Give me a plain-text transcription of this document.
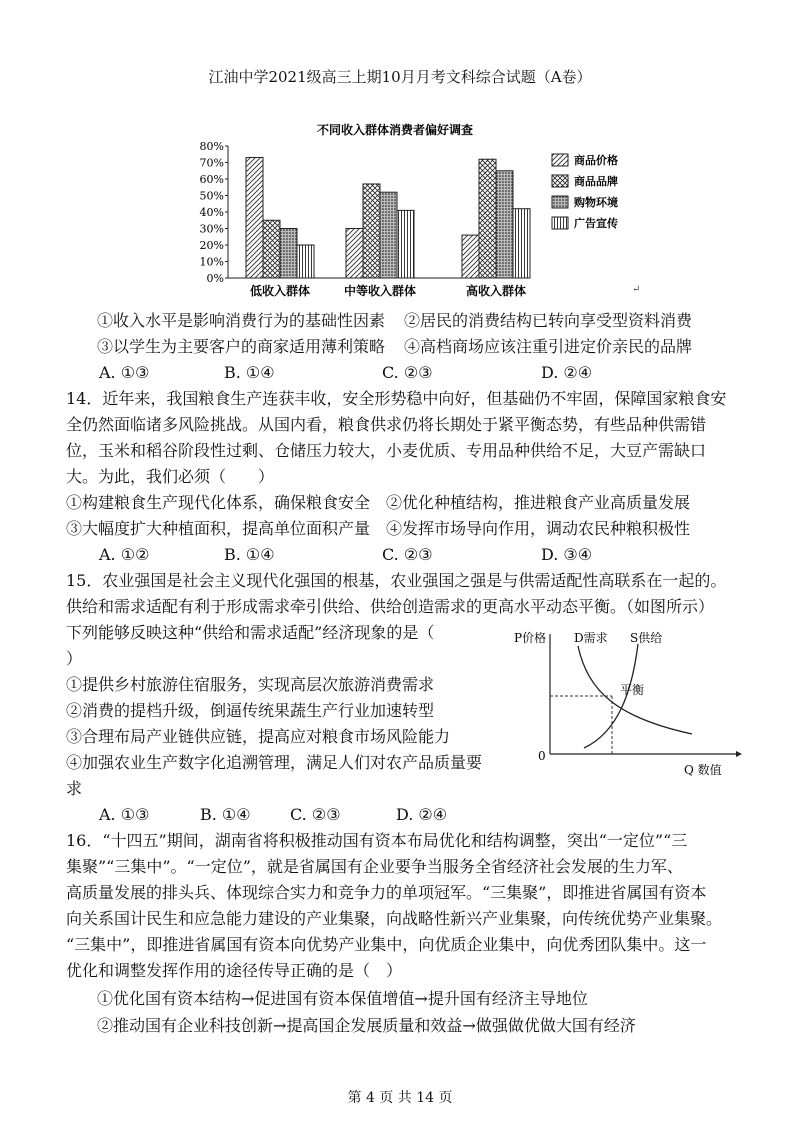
江油中学2021级高三上期10月月考文科综合试题（A卷）
不同收入群体消费者偏好调查
80%
70%
60%
50%
40%
30%
20%
10%
0%
低收入群体	中等收入群体	高收入群体
商品价格
商品品牌
购物环境
广告宣传
↵
①收入水平是影响消费行为的基础性因素 ②居民的消费结构已转向享受型资料消费
③以学生为主要客户的商家适用薄利策略 ④高档商场应该注重引进定价亲民的品牌
A. ①③	B. ①④	C. ②③	D. ②④
14．近年来，我国粮食生产连获丰收，安全形势稳中向好，但基础仍不牢固，保障国家粮食安
全仍然面临诸多风险挑战。从国内看，粮食供求仍将长期处于紧平衡态势，有些品种供需错
位，玉米和稻谷阶段性过剩、仓储压力较大，小麦优质、专用品种供给不足，大豆产需缺口
大。为此，我们必须（　　）
①构建粮食生产现代化体系，确保粮食安全 ②优化种植结构，推进粮食产业高质量发展
③大幅度扩大种植面积，提高单位面积产量 ④发挥市场导向作用，调动农民种粮积极性
A. ①②	B. ①④	C. ②③	D. ③④
15．农业强国是社会主义现代化强国的根基，农业强国之强是与供需适配性高联系在一起的。
供给和需求适配有利于形成需求牵引供给、供给创造需求的更高水平动态平衡。（如图所示）
下列能够反映这种“供给和需求适配”经济现象的是（
）
①提供乡村旅游住宿服务，实现高层次旅游消费需求
②消费的提档升级，倒逼传统果蔬生产行业加速转型
③合理布局产业链供应链，提高应对粮食市场风险能力
④加强农业生产数字化追溯管理，满足人们对农产品质量要
求
A. ①③	B. ①④ C. ②③	D. ②④
P价格 D需求 S供给
平衡
0
Q 数值
16．“十四五”期间，湖南省将积极推动国有资本布局优化和结构调整，突出“一定位”“三
集聚”“三集中”。“一定位”，就是省属国有企业要争当服务全省经济社会发展的生力军、
高质量发展的排头兵、体现综合实力和竞争力的单项冠军。“三集聚”，即推进省属国有资本
向关系国计民生和应急能力建设的产业集聚，向战略性新兴产业集聚，向传统优势产业集聚。
“三集中”，即推进省属国有资本向优势产业集中，向优质企业集中，向优秀团队集中。这一
优化和调整发挥作用的途径传导正确的是（　）
①优化国有资本结构→促进国有资本保值增值→提升国有经济主导地位
②推动国有企业科技创新→提高国企发展质量和效益→做强做优做大国有经济
第 4 页 共 14 页
